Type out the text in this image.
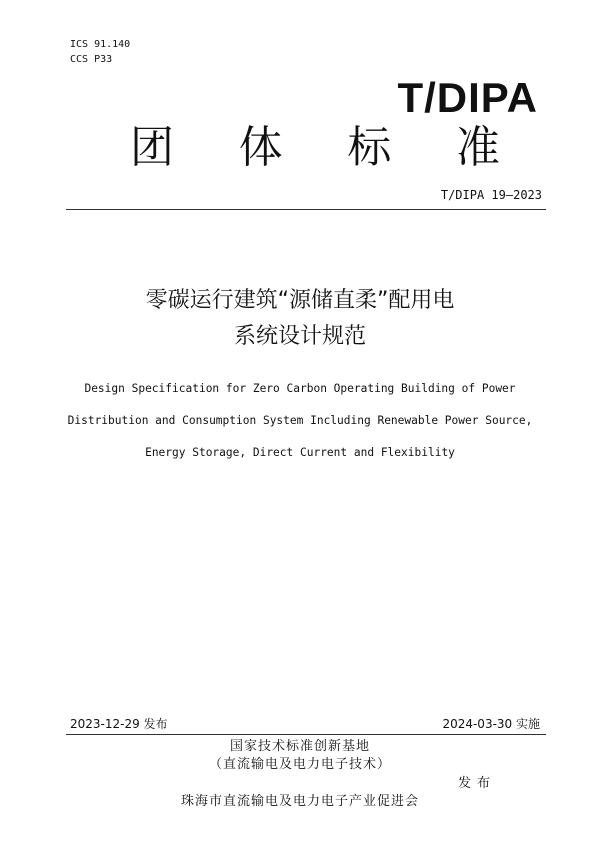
ICS 91.140
CCS P33
T/DIPA
团 体 标 准
T/DIPA 19—2023
零碳运行建筑“源储直柔”配用电
系统设计规范
Design Specification for Zero Carbon Operating Building of Power
Distribution and Consumption System Including Renewable Power Source,
Energy Storage, Direct Current and Flexibility
2023-12-29 发布	2024-03-30 实施
国家技术标准创新基地
（直流输电及电力电子技术）
发布
珠海市直流输电及电力电子产业促进会
